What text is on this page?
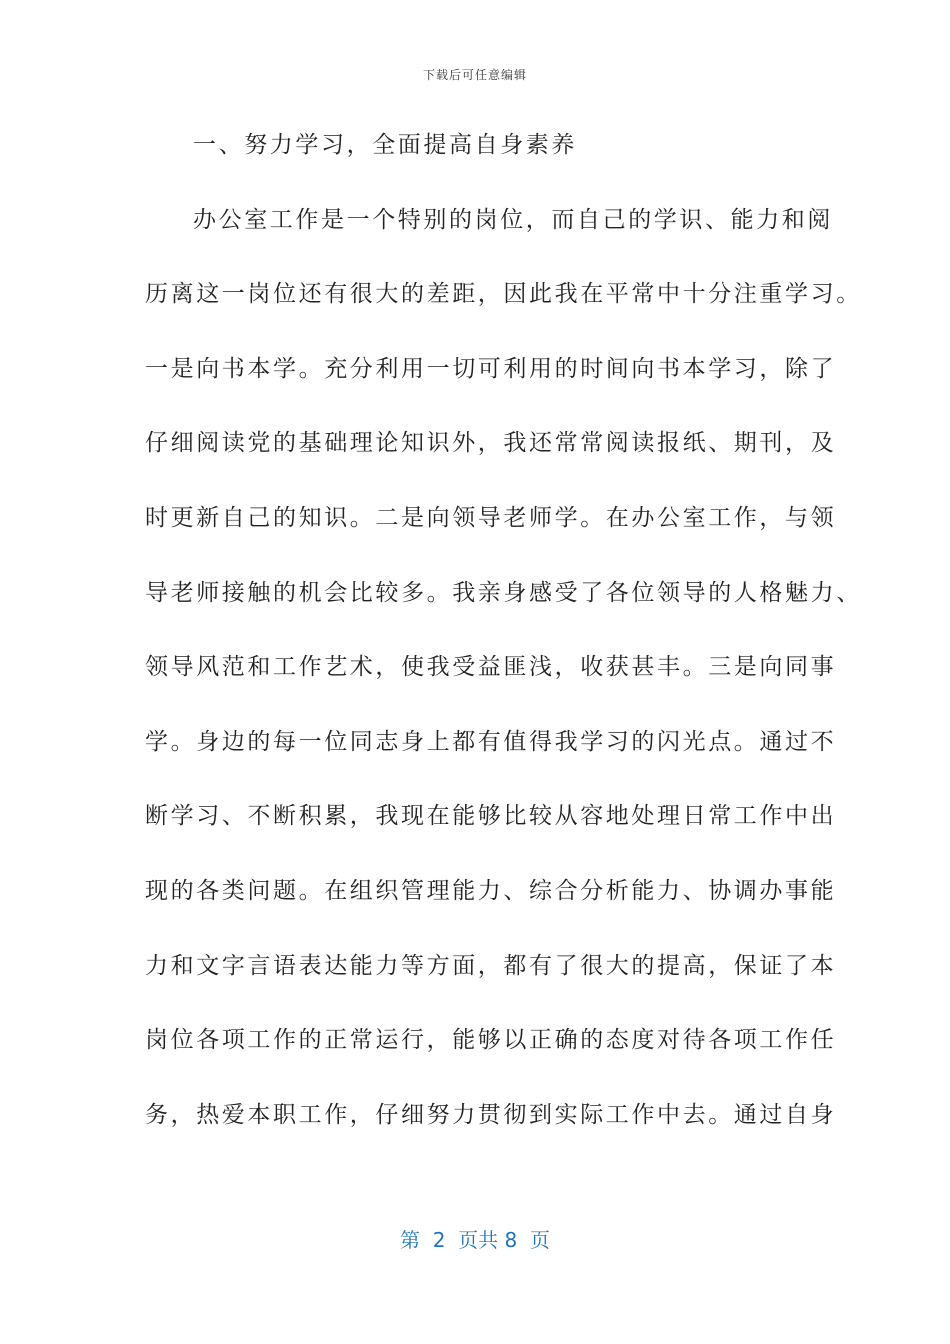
下载后可任意编辑
一、努力学习，全面提高自身素养
办公室工作是一个特别的岗位，而自己的学识、能力和阅
历离这一岗位还有很大的差距，因此我在平常中十分注重学习。
一是向书本学。充分利用一切可利用的时间向书本学习，除了
仔细阅读党的基础理论知识外，我还常常阅读报纸、期刊，及
时更新自己的知识。二是向领导老师学。在办公室工作，与领
导老师接触的机会比较多。我亲身感受了各位领导的人格魅力、
领导风范和工作艺术，使我受益匪浅，收获甚丰。三是向同事
学。身边的每一位同志身上都有值得我学习的闪光点。通过不
断学习、不断积累，我现在能够比较从容地处理日常工作中出
现的各类问题。在组织管理能力、综合分析能力、协调办事能
力和文字言语表达能力等方面，都有了很大的提高，保证了本
岗位各项工作的正常运行，能够以正确的态度对待各项工作任
务，热爱本职工作，仔细努力贯彻到实际工作中去。通过自身
第  2  页共 8  页
